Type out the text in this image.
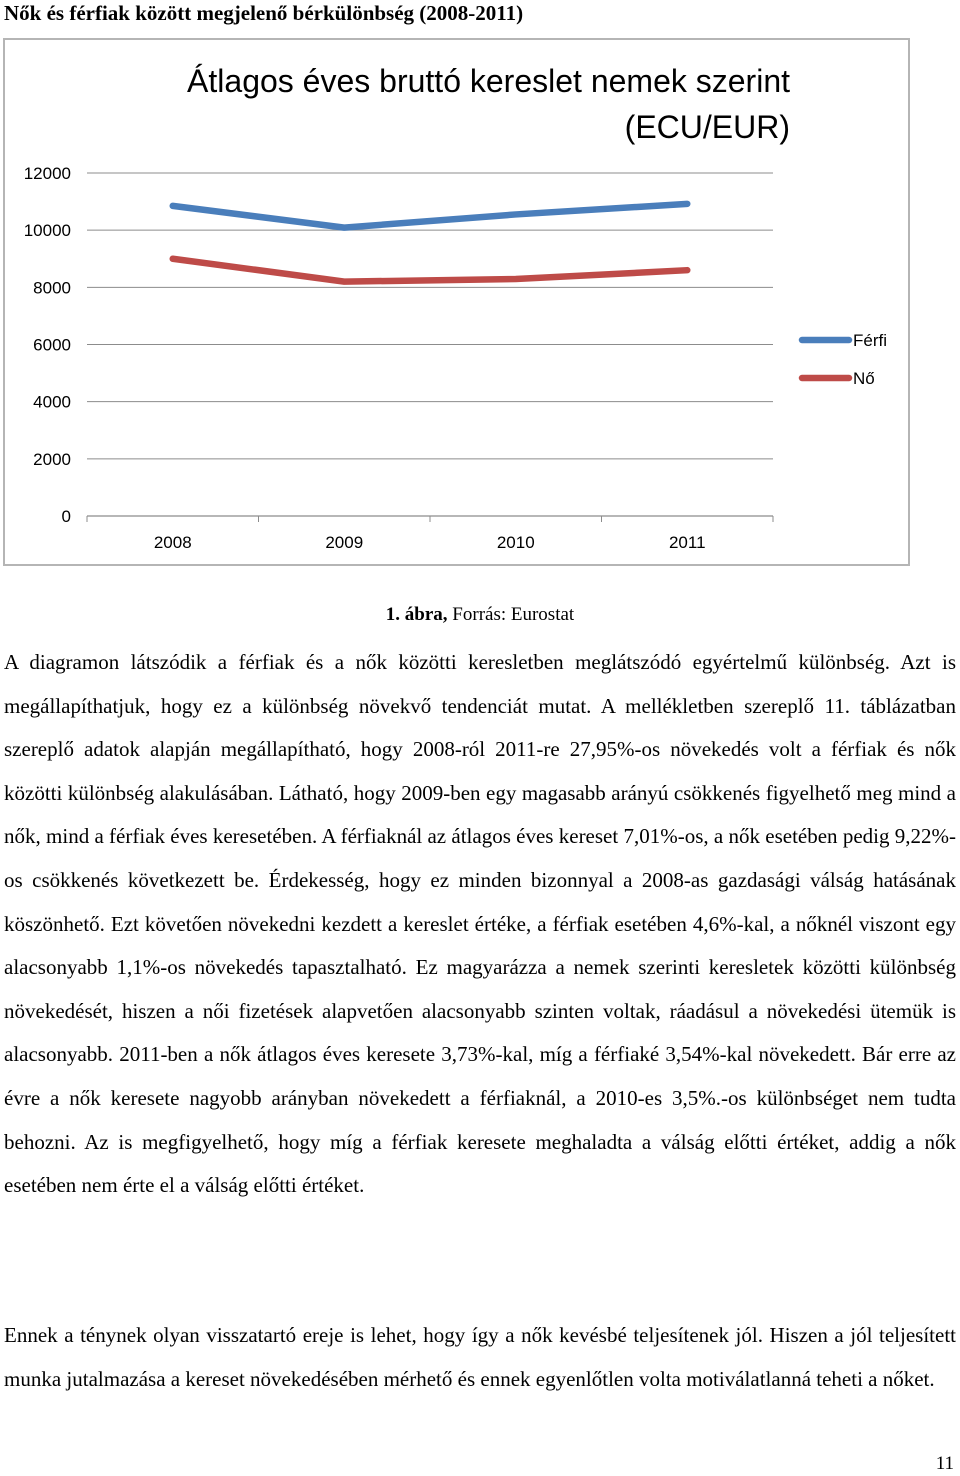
Nők és férfiak között megjelenő bérkülönbség (2008-2011)
Átlagos éves bruttó kereslet nemek szerint
(ECU/EUR)
0
2000
4000
6000
8000
10000
12000
2008	2009	2010	2011
Férfi
Nő
1. ábra, Forrás: Eurostat
A diagramon látszódik a férfiak és a nők közötti keresletben meglátszódó egyértelmű különbség. Azt is megállapíthatjuk, hogy ez a különbség növekvő tendenciát mutat. A mellékletben szereplő 11. táblázatban szereplő adatok alapján megállapítható, hogy 2008-ról 2011-re 27,95%-os növekedés volt a férfiak és nők közötti különbség alakulásában. Látható, hogy 2009-ben egy magasabb arányú csökkenés figyelhető meg mind a nők, mind a férfiak éves keresetében. A férfiaknál az átlagos éves kereset 7,01%-os, a nők esetében pedig 9,22%-os csökkenés következett be. Érdekesség, hogy ez minden bizonnyal a 2008-as gazdasági válság hatásának köszönhető. Ezt követően növekedni kezdett a kereslet értéke, a férfiak esetében 4,6%-kal, a nőknél viszont egy alacsonyabb 1,1%-os növekedés tapasztalható. Ez magyarázza a nemek szerinti keresletek közötti különbség növekedését, hiszen a női fizetések alapvetően alacsonyabb szinten voltak, ráadásul a növekedési ütemük is alacsonyabb. 2011-ben a nők átlagos éves keresete 3,73%-kal, míg a férfiaké 3,54%-kal növekedett. Bár erre az évre a nők keresete nagyobb arányban növekedett a férfiaknál, a 2010-es 3,5%.-os különbséget nem tudta behozni. Az is megfigyelhető, hogy míg a férfiak keresete meghaladta a válság előtti értéket, addig a nők esetében nem érte el a válság előtti értéket.
Ennek a ténynek olyan visszatartó ereje is lehet, hogy így a nők kevésbé teljesítenek jól. Hiszen a jól teljesített munka jutalmazása a kereset növekedésében mérhető és ennek egyenlőtlen volta motiválatlanná teheti a nőket.
11
